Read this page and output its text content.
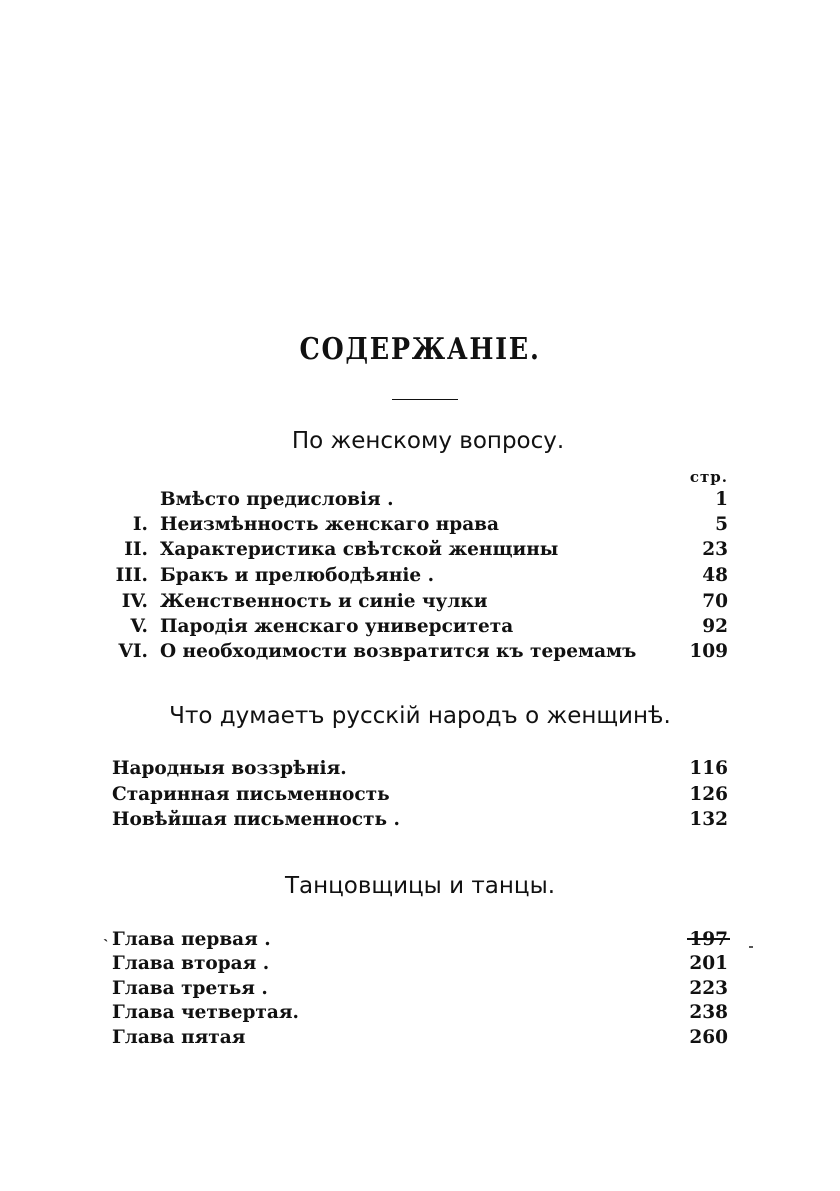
СОДЕРЖАНІЕ.
По женскому вопросу.
стр.
Вмѣсто предисловія .	1
I. Неизмѣнность женскаго нрава	5
II. Характеристика свѣтской женщины	23
III. Бракъ и прелюбодѣяніе .	48
IV. Женственность и синіе чулки	70
V. Пародія женскаго университета	92
VI. О необходимости возвратится къ теремамъ	109
Что думаетъ русскій народъ о женщинѣ.
Народныя воззрѣнія.	116
Старинная письменность	126
Новѣйшая письменность .	132
Танцовщицы и танцы.
˴ Глава первая .	197
Глава вторая .	201
Глава третья .	223
Глава четвертая.	238
Глава пятая	260
